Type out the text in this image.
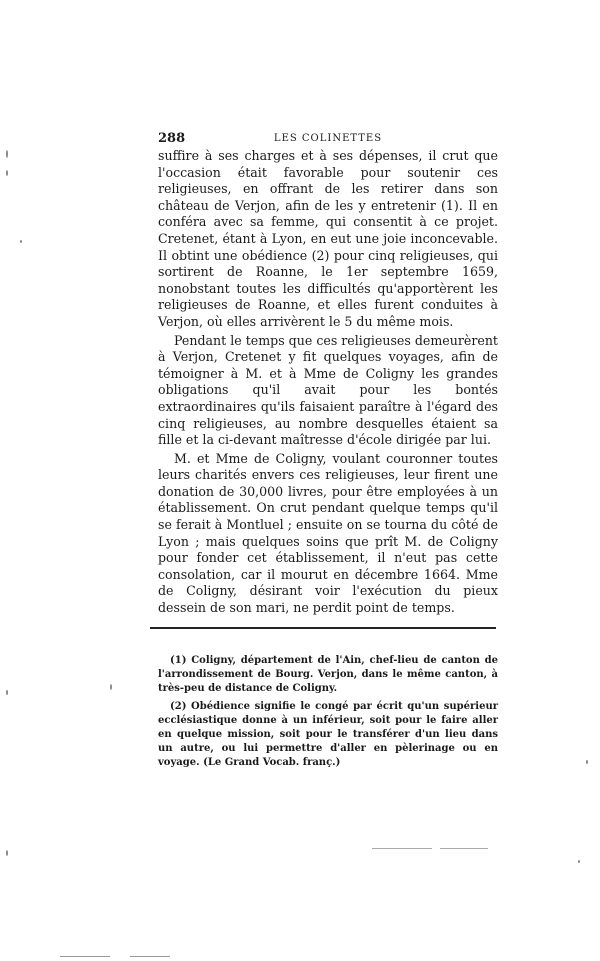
288	LES COLINETTES

suffire à ses charges et à ses dépenses, il crut que l'occasion était favorable pour soutenir ces religieuses, en offrant de les retirer dans son château de Verjon, afin de les y entretenir (1). Il en conféra avec sa femme, qui consentit à ce projet. Cretenet, étant à Lyon, en eut une joie inconcevable. Il obtint une obédience (2) pour cinq religieuses, qui sortirent de Roanne, le 1er septembre 1659, nonobstant toutes les difficultés qu'apportèrent les religieuses de Roanne, et elles furent conduites à Verjon, où elles arrivèrent le 5 du même mois.

Pendant le temps que ces religieuses demeurèrent à Verjon, Cretenet y fit quelques voyages, afin de témoigner à M. et à Mme de Coligny les grandes obligations qu'il avait pour les bontés extraordinaires qu'ils faisaient paraître à l'égard des cinq religieuses, au nombre desquelles étaient sa fille et la ci-devant maîtresse d'école dirigée par lui.

M. et Mme de Coligny, voulant couronner toutes leurs charités envers ces religieuses, leur firent une donation de 30,000 livres, pour être employées à un établissement. On crut pendant quelque temps qu'il se ferait à Montluel ; ensuite on se tourna du côté de Lyon ; mais quelques soins que prît M. de Coligny pour fonder cet établissement, il n'eut pas cette consolation, car il mourut en décembre 1664. Mme de Coligny, désirant voir l'exécution du pieux dessein de son mari, ne perdit point de temps.

(1) Coligny, département de l'Ain, chef-lieu de canton de l'arrondissement de Bourg. Verjon, dans le même canton, à très-peu de distance de Coligny.

(2) Obédience signifie le congé par écrit qu'un supérieur ecclésiastique donne à un inférieur, soit pour le faire aller en quelque mission, soit pour le transférer d'un lieu dans un autre, ou lui permettre d'aller en pèlerinage ou en voyage. (Le Grand Vocab. franç.)
